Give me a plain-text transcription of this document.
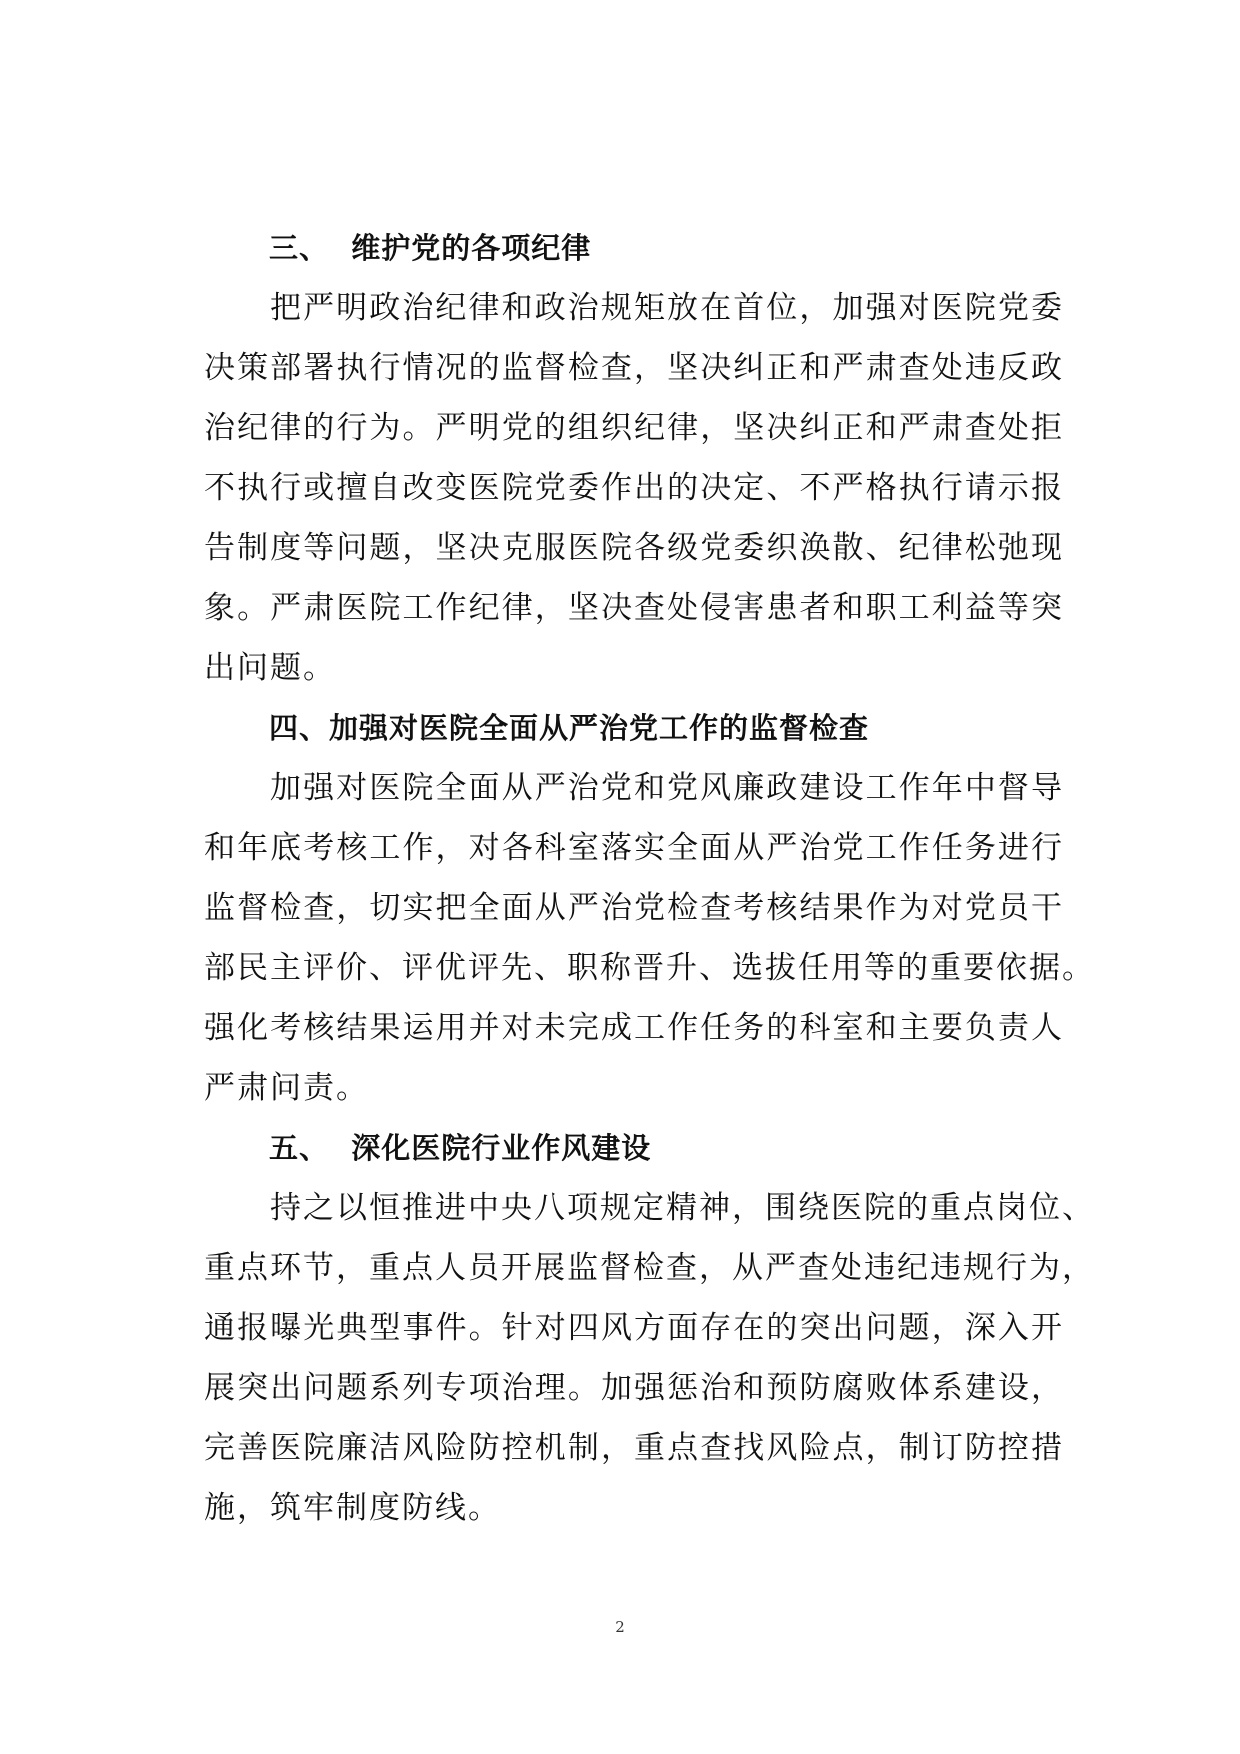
三、  维护党的各项纪律

把严明政治纪律和政治规矩放在首位，加强对医院党委
决策部署执行情况的监督检查，坚决纠正和严肃查处违反政
治纪律的行为。严明党的组织纪律，坚决纠正和严肃查处拒
不执行或擅自改变医院党委作出的决定、不严格执行请示报
告制度等问题，坚决克服医院各级党委织涣散、纪律松弛现
象。严肃医院工作纪律，坚决查处侵害患者和职工利益等突
出问题。

四、加强对医院全面从严治党工作的监督检查

加强对医院全面从严治党和党风廉政建设工作年中督导
和年底考核工作，对各科室落实全面从严治党工作任务进行
监督检查，切实把全面从严治党检查考核结果作为对党员干
部民主评价、评优评先、职称晋升、选拔任用等的重要依据。
强化考核结果运用并对未完成工作任务的科室和主要负责人
严肃问责。

五、  深化医院行业作风建设

持之以恒推进中央八项规定精神，围绕医院的重点岗位、
重点环节，重点人员开展监督检查，从严查处违纪违规行为，
通报曝光典型事件。针对四风方面存在的突出问题，深入开
展突出问题系列专项治理。加强惩治和预防腐败体系建设，
完善医院廉洁风险防控机制，重点查找风险点，制订防控措
施，筑牢制度防线。

2
